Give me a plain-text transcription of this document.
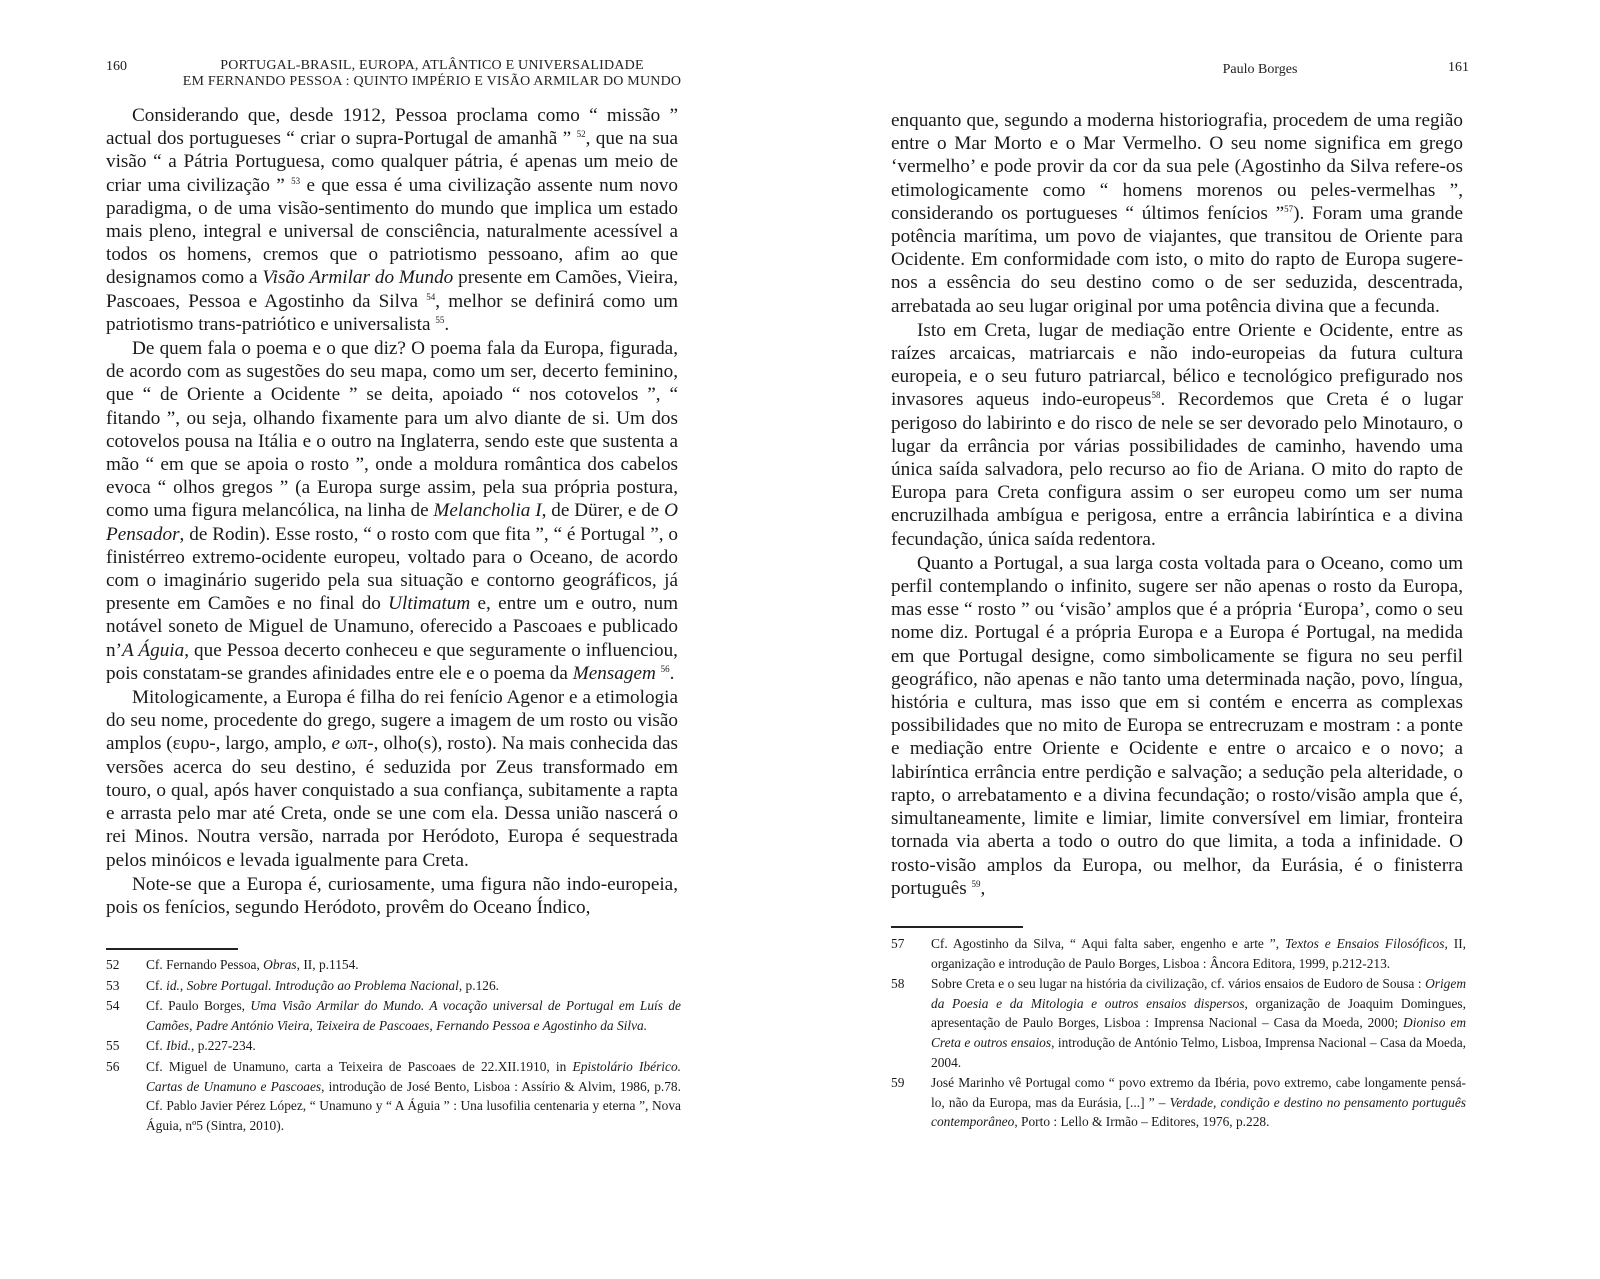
160	PORTUGAL-BRASIL, EUROPA, ATLÂNTICO E UNIVERSALIDADE
EM FERNANDO PESSOA : QUINTO IMPÉRIO E VISÃO ARMILAR DO MUNDO

Considerando que, desde 1912, Pessoa proclama como “ missão ” actual dos portugueses “ criar o supra-Portugal de amanhã ” $^{52}$, que na sua visão “ a Pátria Portuguesa, como qualquer pátria, é apenas um meio de criar uma civilização ” $^{53}$ e que essa é uma civilização assente num novo paradigma, o de uma visão-sentimento do mundo que implica um estado mais pleno, integral e universal de consciência, naturalmente acessível a todos os homens, cremos que o patriotismo pessoano, afim ao que designamos como a Visão Armilar do Mundo presente em Camões, Vieira, Pascoaes, Pessoa e Agostinho da Silva $^{54}$, melhor se definirá como um patriotismo trans-patriótico e universalista $^{55}$.

De quem fala o poema e o que diz? O poema fala da Europa, figurada, de acordo com as sugestões do seu mapa, como um ser, decerto feminino, que “ de Oriente a Ocidente ” se deita, apoiado “ nos cotovelos ”, “ fitando ”, ou seja, olhando fixamente para um alvo diante de si. Um dos cotovelos pousa na Itália e o outro na Inglaterra, sendo este que sustenta a mão “ em que se apoia o rosto ”, onde a moldura romântica dos cabelos evoca “ olhos gregos ” (a Europa surge assim, pela sua própria postura, como uma figura melancólica, na linha de Melancholia I, de Dürer, e de O Pensador, de Rodin). Esse rosto, “ o rosto com que fita ”, “ é Portugal ”, o finistérreo extremo-ocidente europeu, voltado para o Oceano, de acordo com o imaginário sugerido pela sua situação e contorno geográficos, já presente em Camões e no final do Ultimatum e, entre um e outro, num notável soneto de Miguel de Unamuno, oferecido a Pascoaes e publicado n’A Águia, que Pessoa decerto conheceu e que seguramente o influenciou, pois constatam-se grandes afinidades entre ele e o poema da Mensagem $^{56}$.

Mitologicamente, a Europa é filha do rei fenício Agenor e a etimologia do seu nome, procedente do grego, sugere a imagem de um rosto ou visão amplos (ευρυ-, largo, amplo, e ωπ-, olho(s), rosto). Na mais conhecida das versões acerca do seu destino, é seduzida por Zeus transformado em touro, o qual, após haver conquistado a sua confiança, subitamente a rapta e arrasta pelo mar até Creta, onde se une com ela. Dessa união nascerá o rei Minos. Noutra versão, narrada por Heródoto, Europa é sequestrada pelos minóicos e levada igualmente para Creta.

Note-se que a Europa é, curiosamente, uma figura não indo-europeia, pois os fenícios, segundo Heródoto, provêm do Oceano Índico,

52	Cf. Fernando Pessoa, Obras, II, p.1154.
53	Cf. id., Sobre Portugal. Introdução ao Problema Nacional, p.126.
54	Cf. Paulo Borges, Uma Visão Armilar do Mundo. A vocação universal de Portugal em Luís de Camões, Padre António Vieira, Teixeira de Pascoaes, Fernando Pessoa e Agostinho da Silva.
55	Cf. Ibid., p.227-234.
56	Cf. Miguel de Unamuno, carta a Teixeira de Pascoaes de 22.XII.1910, in Epistolário Ibérico. Cartas de Unamuno e Pascoaes, introdução de José Bento, Lisboa : Assírio & Alvim, 1986, p.78. Cf. Pablo Javier Pérez López, “ Unamuno y “ A Águia ” : Una lusofilia centenaria y eterna ”, Nova Águia, nº5 (Sintra, 2010).
Paulo Borges	161

enquanto que, segundo a moderna historiografia, procedem de uma região entre o Mar Morto e o Mar Vermelho. O seu nome significa em grego ‘vermelho’ e pode provir da cor da sua pele (Agostinho da Silva refere-os etimologicamente como “ homens morenos ou peles-vermelhas ”, considerando os portugueses “ últimos fenícios ”$^{57}$). Foram uma grande potência marítima, um povo de viajantes, que transitou de Oriente para Ocidente. Em conformidade com isto, o mito do rapto de Europa sugere-nos a essência do seu destino como o de ser seduzida, descentrada, arrebatada ao seu lugar original por uma potência divina que a fecunda.

Isto em Creta, lugar de mediação entre Oriente e Ocidente, entre as raízes arcaicas, matriarcais e não indo-europeias da futura cultura europeia, e o seu futuro patriarcal, bélico e tecnológico prefigurado nos invasores aqueus indo-europeus$^{58}$. Recordemos que Creta é o lugar perigoso do labirinto e do risco de nele se ser devorado pelo Minotauro, o lugar da errância por várias possibilidades de caminho, havendo uma única saída salvadora, pelo recurso ao fio de Ariana. O mito do rapto de Europa para Creta configura assim o ser europeu como um ser numa encruzilhada ambígua e perigosa, entre a errância labiríntica e a divina fecundação, única saída redentora.

Quanto a Portugal, a sua larga costa voltada para o Oceano, como um perfil contemplando o infinito, sugere ser não apenas o rosto da Europa, mas esse “ rosto ” ou ‘visão’ amplos que é a própria ‘Europa’, como o seu nome diz. Portugal é a própria Europa e a Europa é Portugal, na medida em que Portugal designe, como simbolicamente se figura no seu perfil geográfico, não apenas e não tanto uma determinada nação, povo, língua, história e cultura, mas isso que em si contém e encerra as complexas possibilidades que no mito de Europa se entrecruzam e mostram : a ponte e mediação entre Oriente e Ocidente e entre o arcaico e o novo; a labiríntica errância entre perdição e salvação; a sedução pela alteridade, o rapto, o arrebatamento e a divina fecundação; o rosto/visão ampla que é, simultaneamente, limite e limiar, limite conversível em limiar, fronteira tornada via aberta a todo o outro do que limita, a toda a infinidade. O rosto-visão amplos da Europa, ou melhor, da Eurásia, é o finisterra português $^{59}$,

57	Cf. Agostinho da Silva, “ Aqui falta saber, engenho e arte ”, Textos e Ensaios Filosóficos, II, organização e introdução de Paulo Borges, Lisboa : Âncora Editora, 1999, p.212-213.
58	Sobre Creta e o seu lugar na história da civilização, cf. vários ensaios de Eudoro de Sousa : Origem da Poesia e da Mitologia e outros ensaios dispersos, organização de Joaquim Domingues, apresentação de Paulo Borges, Lisboa : Imprensa Nacional – Casa da Moeda, 2000; Dioniso em Creta e outros ensaios, introdução de António Telmo, Lisboa, Imprensa Nacional – Casa da Moeda, 2004.
59	José Marinho vê Portugal como “ povo extremo da Ibéria, povo extremo, cabe longamente pensá-lo, não da Europa, mas da Eurásia, [...] ” – Verdade, condição e destino no pensamento português contemporâneo, Porto : Lello & Irmão – Editores, 1976, p.228.
